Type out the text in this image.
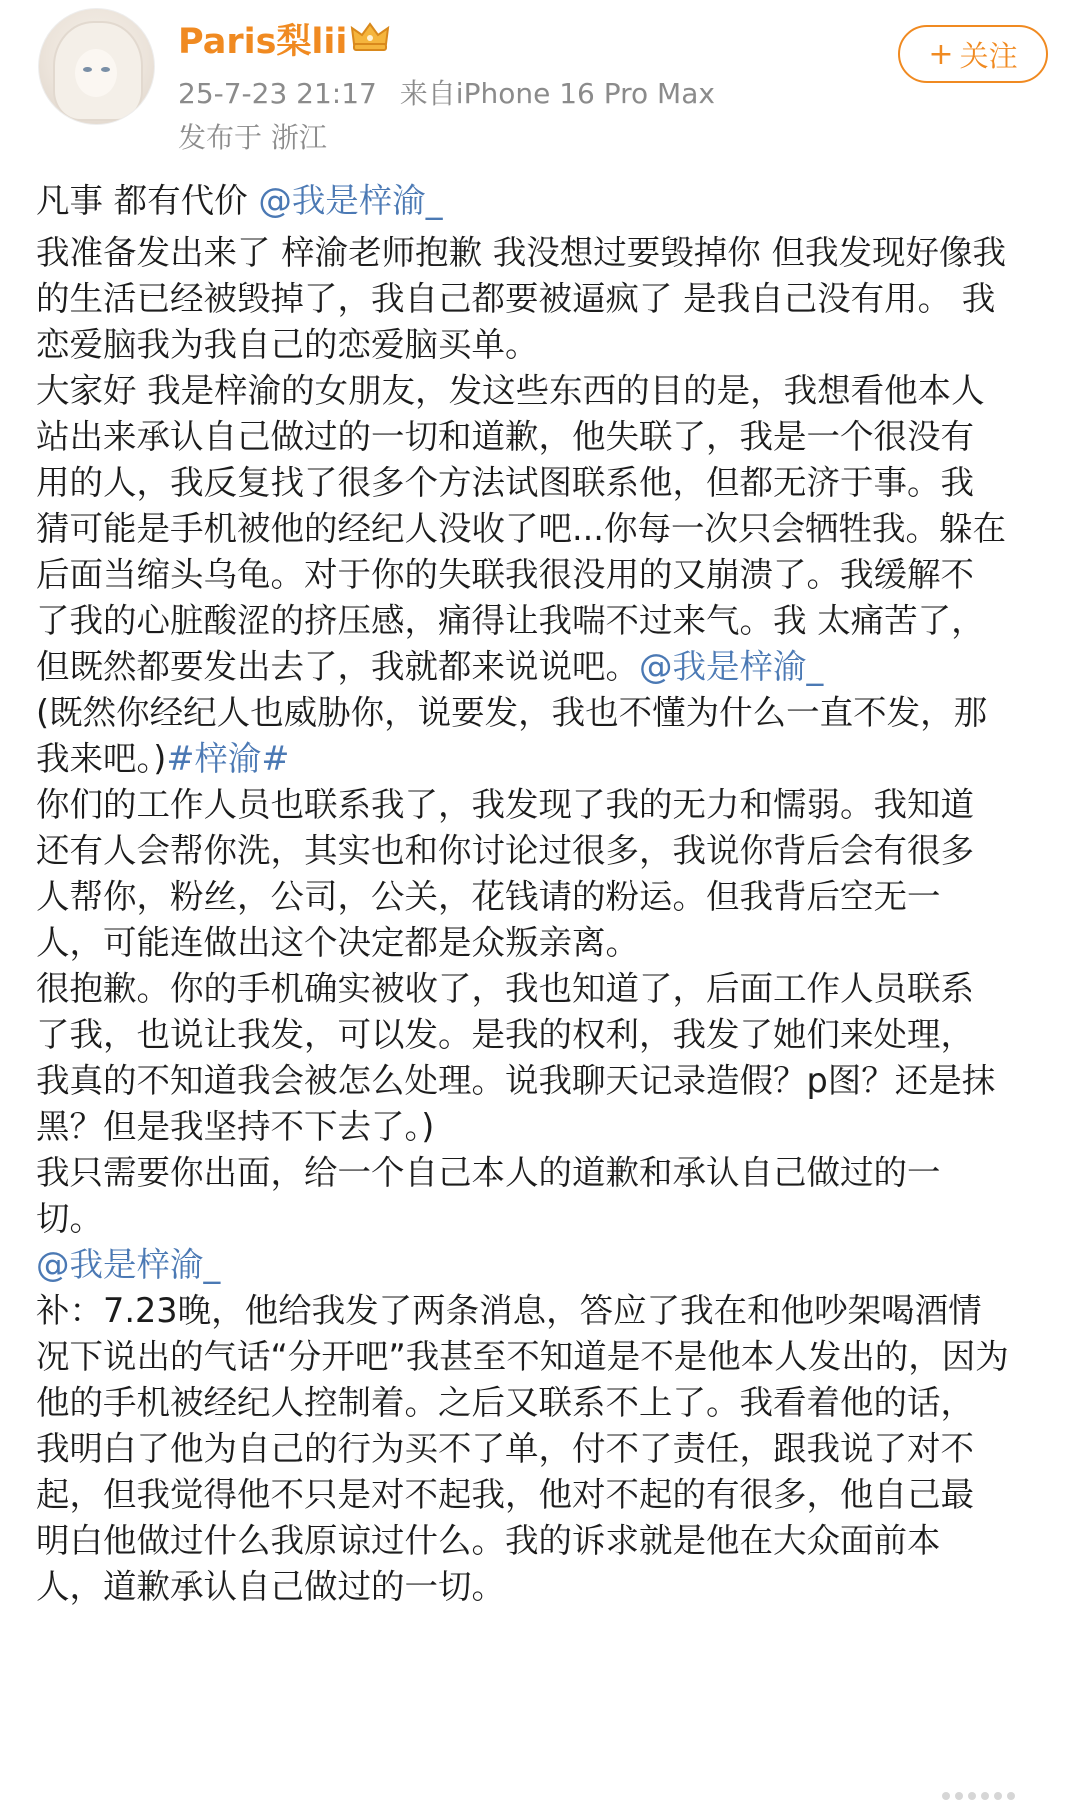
Paris梨lii
25-7-23 21:17 来自iPhone 16 Pro Max
发布于 浙江
+ 关注
凡事 都有代价 @我是梓渝_
我准备发出来了 梓渝老师抱歉 我没想过要毁掉你 但我发现好像我
的生活已经被毁掉了，我自己都要被逼疯了 是我自己没有用。 我
恋爱脑我为我自己的恋爱脑买单。
大家好 我是梓渝的女朋友，发这些东西的目的是，我想看他本人
站出来承认自己做过的一切和道歉，他失联了，我是一个很没有
用的人，我反复找了很多个方法试图联系他，但都无济于事。我
猜可能是手机被他的经纪人没收了吧...你每一次只会牺牲我。躲在
后面当缩头乌龟。对于你的失联我很没用的又崩溃了。我缓解不
了我的心脏酸涩的挤压感，痛得让我喘不过来气。我 太痛苦了，
但既然都要发出去了，我就都来说说吧。@我是梓渝_
(既然你经纪人也威胁你，说要发，我也不懂为什么一直不发，那
我来吧。)#梓渝#
你们的工作人员也联系我了，我发现了我的无力和懦弱。我知道
还有人会帮你洗，其实也和你讨论过很多，我说你背后会有很多
人帮你，粉丝，公司，公关，花钱请的粉运。但我背后空无一
人，可能连做出这个决定都是众叛亲离。
很抱歉。你的手机确实被收了，我也知道了，后面工作人员联系
了我，也说让我发，可以发。是我的权利，我发了她们来处理，
我真的不知道我会被怎么处理。说我聊天记录造假？p图？还是抹
黑？但是我坚持不下去了。)
我只需要你出面，给一个自己本人的道歉和承认自己做过的一
切。
@我是梓渝_
补：7.23晚，他给我发了两条消息，答应了我在和他吵架喝酒情
况下说出的气话“分开吧”我甚至不知道是不是他本人发出的，因为
他的手机被经纪人控制着。之后又联系不上了。我看着他的话，
我明白了他为自己的行为买不了单，付不了责任，跟我说了对不
起，但我觉得他不只是对不起我，他对不起的有很多，他自己最
明白他做过什么我原谅过什么。我的诉求就是他在大众面前本
人，道歉承认自己做过的一切。
